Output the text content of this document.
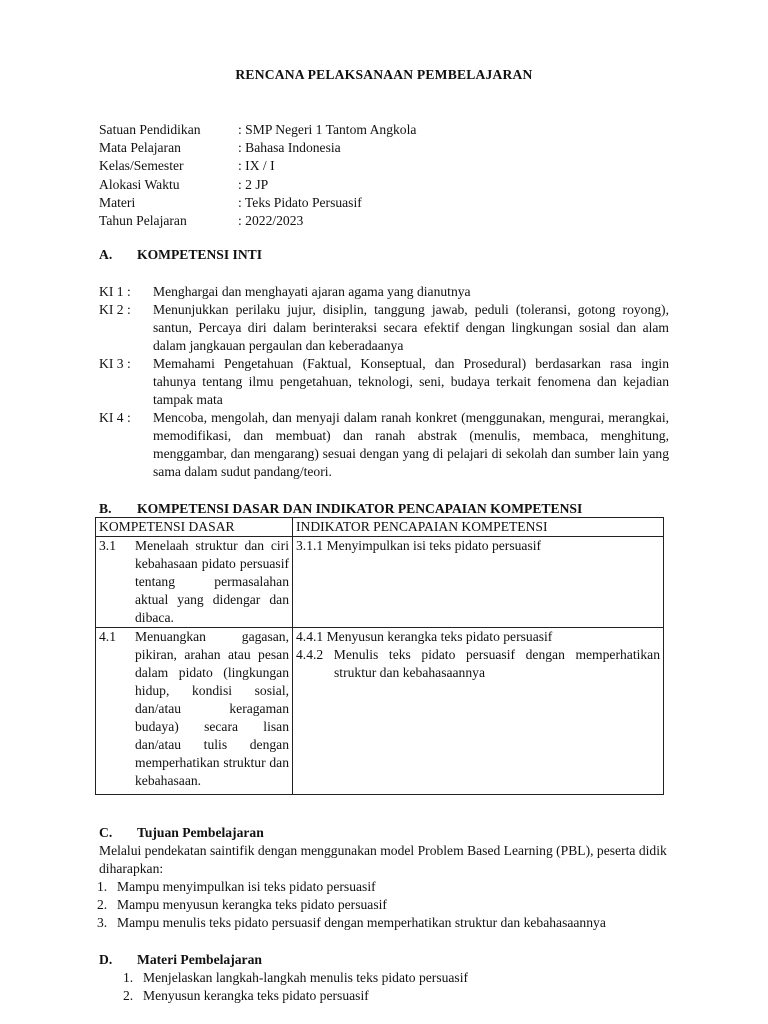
RENCANA PELAKSANAAN PEMBELAJARAN
Satuan Pendidikan	: SMP Negeri 1 Tantom Angkola
Mata Pelajaran	: Bahasa Indonesia
Kelas/Semester	: IX / I
Alokasi Waktu	: 2 JP
Materi	: Teks Pidato Persuasif
Tahun Pelajaran	: 2022/2023
A.	KOMPETENSI INTI
KI 1 :	Menghargai dan menghayati ajaran agama yang dianutnya
KI 2 :	Menunjukkan perilaku jujur, disiplin, tanggung jawab, peduli (toleransi, gotong royong), santun, Percaya diri dalam berinteraksi secara efektif dengan lingkungan sosial dan alam dalam jangkauan pergaulan dan keberadaanya
KI 3 :	Memahami Pengetahuan (Faktual, Konseptual, dan Prosedural) berdasarkan rasa ingin tahunya tentang ilmu pengetahuan, teknologi, seni, budaya terkait fenomena dan kejadian tampak mata
KI 4 :	Mencoba, mengolah, dan menyaji dalam ranah konkret (menggunakan, mengurai, merangkai, memodifikasi, dan membuat) dan ranah abstrak (menulis, membaca, menghitung, menggambar, dan mengarang) sesuai dengan yang di pelajari di sekolah dan sumber lain yang sama dalam sudut pandang/teori.
B.	KOMPETENSI DASAR DAN INDIKATOR PENCAPAIAN KOMPETENSI
KOMPETENSI DASAR	INDIKATOR PENCAPAIAN KOMPETENSI

3.1 Menelaah struktur dan ciri kebahasaan pidato persuasif tentang permasalahan aktual yang didengar dan dibaca.	3.1.1 Menyimpulkan isi teks pidato persuasif

4.1 Menuangkan gagasan, pikiran, arahan atau pesan dalam pidato (lingkungan hidup, kondisi sosial, dan/atau keragaman budaya) secara lisan dan/atau tulis dengan memperhatikan struktur dan kebahasaan.	4.4.1 Menyusun kerangka teks pidato persuasif
4.4.2 Menulis teks pidato persuasif dengan memperhatikan struktur dan kebahasaannya
C.	Tujuan Pembelajaran
Melalui pendekatan saintifik dengan menggunakan model Problem Based Learning (PBL), peserta didik diharapkan:
1. Mampu menyimpulkan isi teks pidato persuasif
2. Mampu menyusun kerangka teks pidato persuasif
3. Mampu menulis teks pidato persuasif dengan memperhatikan struktur dan kebahasaannya
D.	Materi Pembelajaran
1. Menjelaskan langkah-langkah menulis teks pidato persuasif
2. Menyusun kerangka teks pidato persuasif
